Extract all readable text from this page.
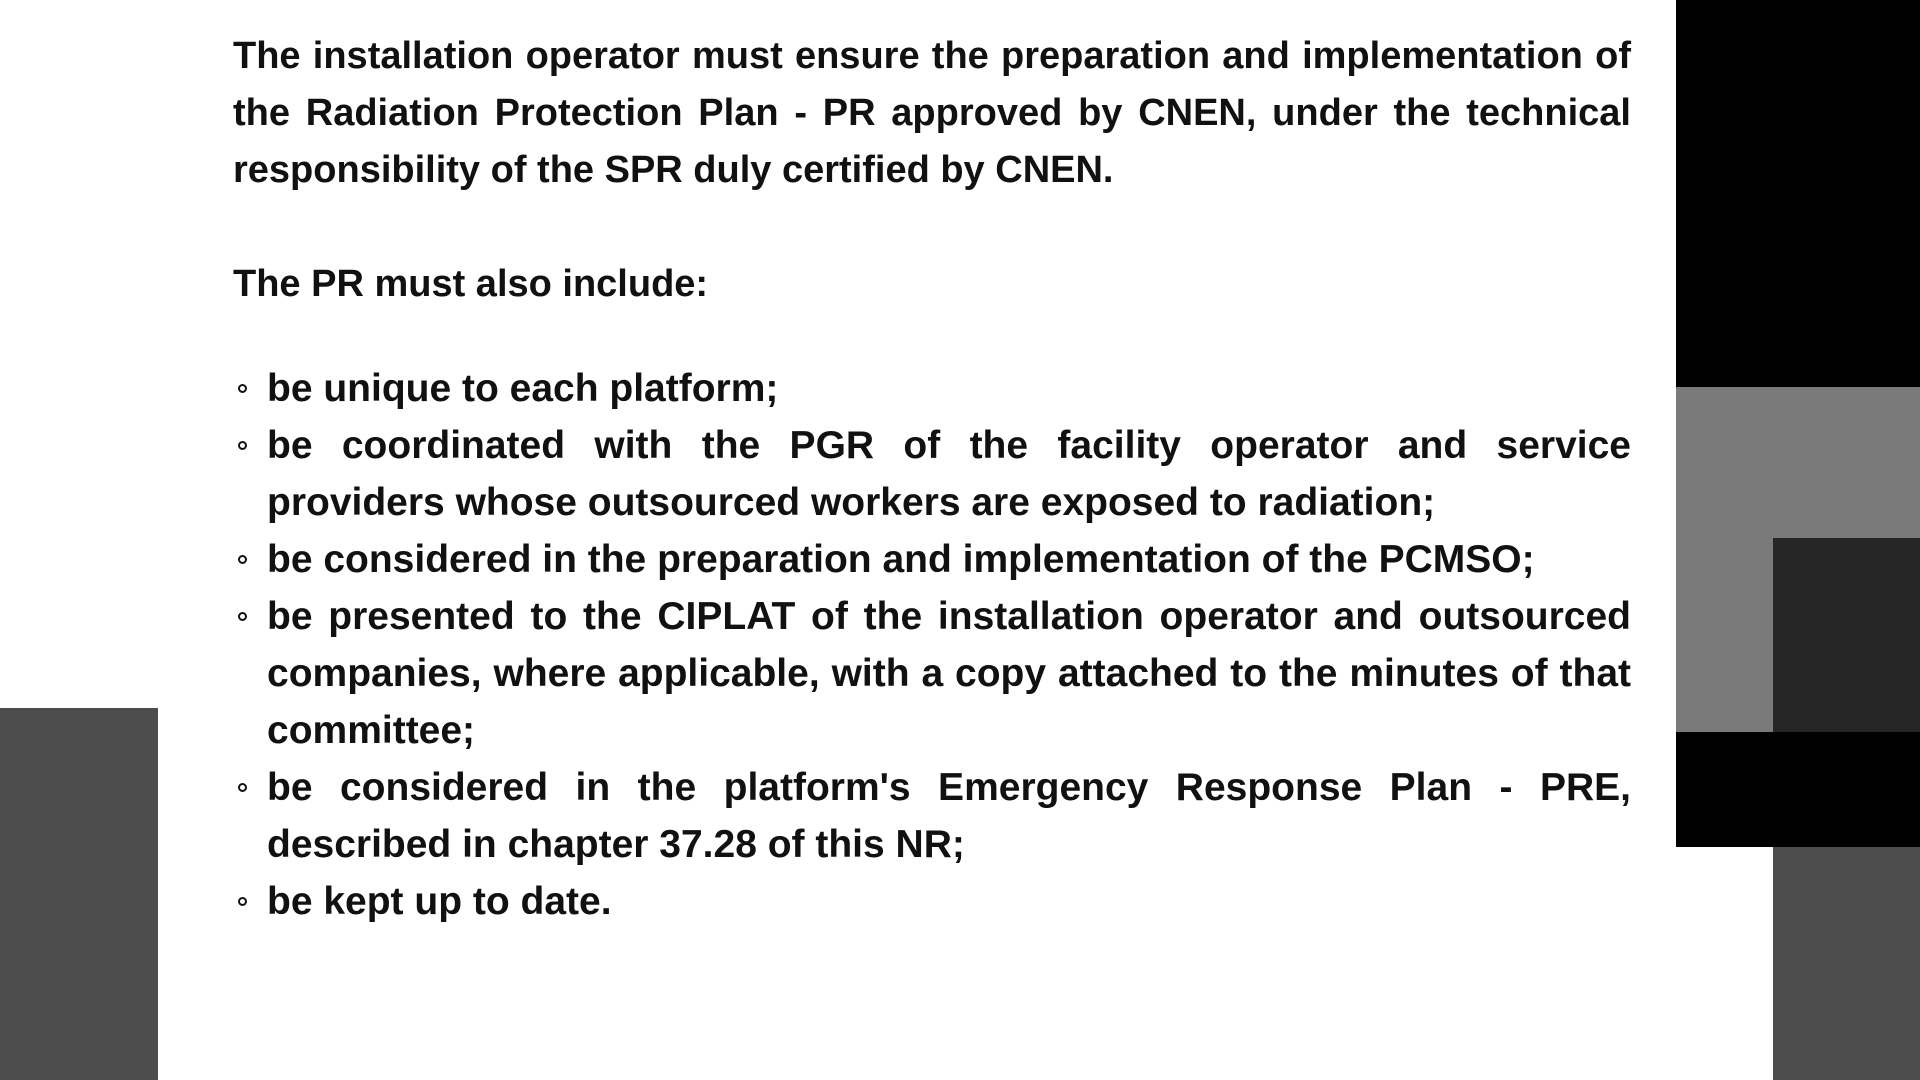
The installation operator must ensure the preparation and implementation of the Radiation Protection Plan - PR approved by CNEN, under the technical responsibility of the SPR duly certified by CNEN.

The PR must also include:

be unique to each platform;
be coordinated with the PGR of the facility operator and service providers whose outsourced workers are exposed to radiation;
be considered in the preparation and implementation of the PCMSO;
be presented to the CIPLAT of the installation operator and outsourced companies, where applicable, with a copy attached to the minutes of that committee;
be considered in the platform's Emergency Response Plan - PRE, described in chapter 37.28 of this NR;
be kept up to date.
